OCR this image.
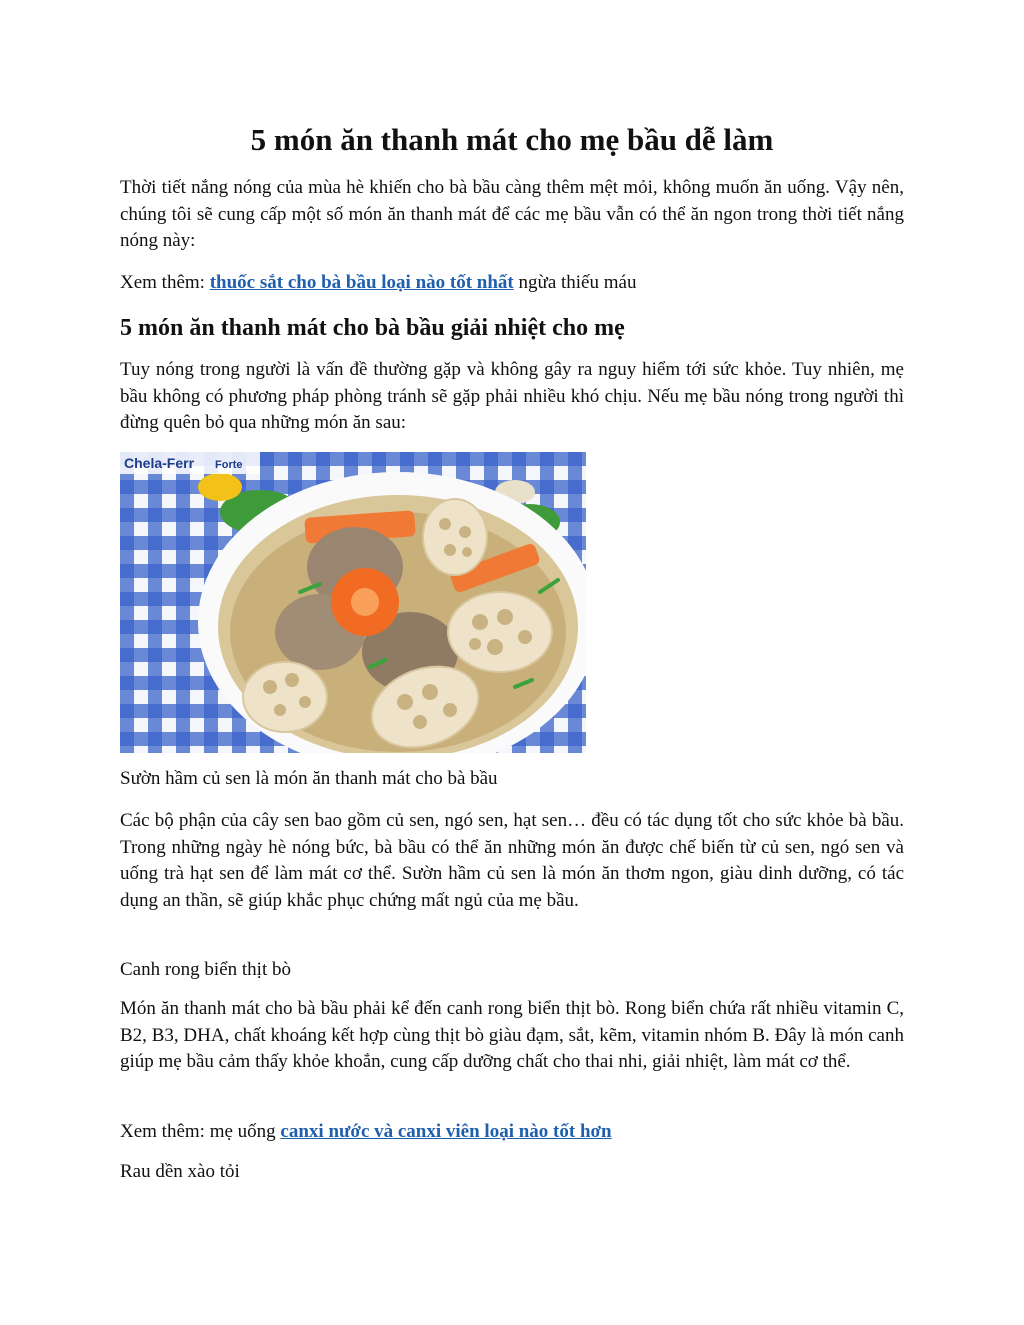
5 món ăn thanh mát cho mẹ bầu dễ làm

Thời tiết nắng nóng của mùa hè khiến cho bà bầu càng thêm mệt mỏi, không muốn ăn uống. Vậy nên, chúng tôi sẽ cung cấp một số món ăn thanh mát để các mẹ bầu vẫn có thể ăn ngon trong thời tiết nắng nóng này:

Xem thêm: thuốc sắt cho bà bầu loại nào tốt nhất ngừa thiếu máu

5 món ăn thanh mát cho bà bầu giải nhiệt cho mẹ

Tuy nóng trong người là vấn đề thường gặp và không gây ra nguy hiểm tới sức khỏe. Tuy nhiên, mẹ bầu không có phương pháp phòng tránh sẽ gặp phải nhiều khó chịu. Nếu mẹ bầu nóng trong người thì đừng quên bỏ qua những món ăn sau:

Chela-Ferr Forte

Sườn hầm củ sen là món ăn thanh mát cho bà bầu

Các bộ phận của cây sen bao gồm củ sen, ngó sen, hạt sen… đều có tác dụng tốt cho sức khỏe bà bầu. Trong những ngày hè nóng bức, bà bầu có thể ăn những món ăn được chế biến từ củ sen, ngó sen và uống trà hạt sen để làm mát cơ thể. Sườn hầm củ sen là món ăn thơm ngon, giàu dinh dưỡng, có tác dụng an thần, sẽ giúp khắc phục chứng mất ngủ của mẹ bầu.

Canh rong biển thịt bò

Món ăn thanh mát cho bà bầu phải kể đến canh rong biển thịt bò. Rong biển chứa rất nhiều vitamin C, B2, B3, DHA, chất khoáng kết hợp cùng thịt bò giàu đạm, sắt, kẽm, vitamin nhóm B. Đây là món canh giúp mẹ bầu cảm thấy khỏe khoắn, cung cấp dưỡng chất cho thai nhi, giải nhiệt, làm mát cơ thể.

Xem thêm: mẹ uống canxi nước và canxi viên loại nào tốt hơn

Rau dền xào tỏi
